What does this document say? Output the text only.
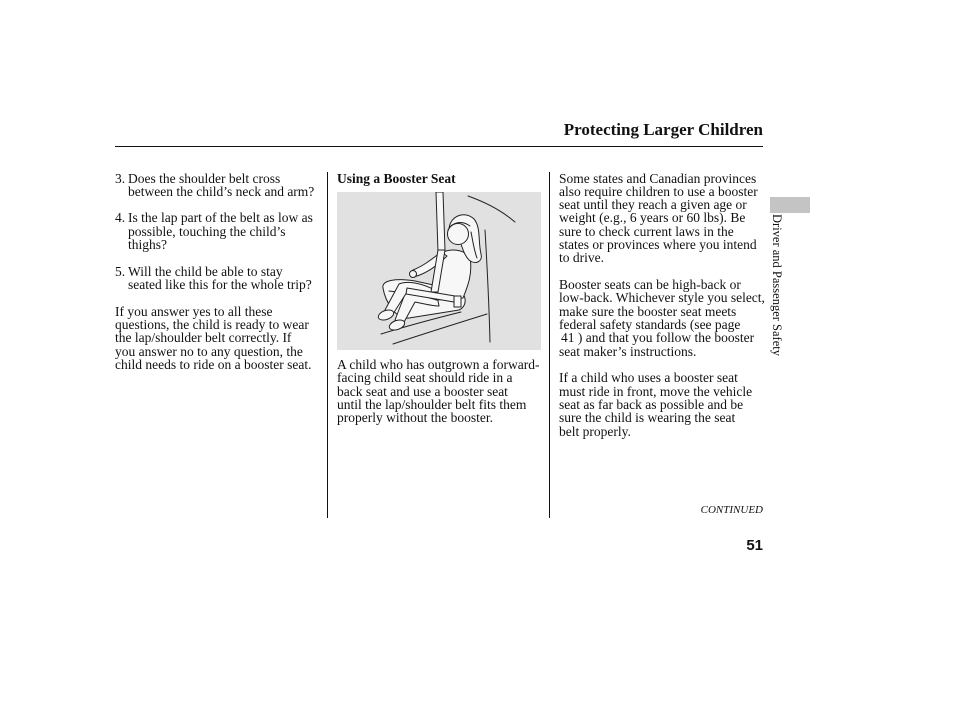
Protecting Larger Children
3. Does the shoulder belt cross
between the child’s neck and arm?
4. Is the lap part of the belt as low as
possible, touching the child’s
thighs?
5. Will the child be able to stay
seated like this for the whole trip?
If you answer yes to all these
questions, the child is ready to wear
the lap/shoulder belt correctly. If
you answer no to any question, the
child needs to ride on a booster seat.
Using a Booster Seat
A child who has outgrown a forward-
facing child seat should ride in a
back seat and use a booster seat
until the lap/shoulder belt fits them
properly without the booster.
Some states and Canadian provinces
also require children to use a booster
seat until they reach a given age or
weight (e.g., 6 years or 60 lbs). Be
sure to check current laws in the
states or provinces where you intend
to drive.
Booster seats can be high-back or
low-back. Whichever style you select,
make sure the booster seat meets
federal safety standards (see page
41 ) and that you follow the booster
seat maker’s instructions.
If a child who uses a booster seat
must ride in front, move the vehicle
seat as far back as possible and be
sure the child is wearing the seat
belt properly.
Driver and Passenger Safety
CONTINUED
51
